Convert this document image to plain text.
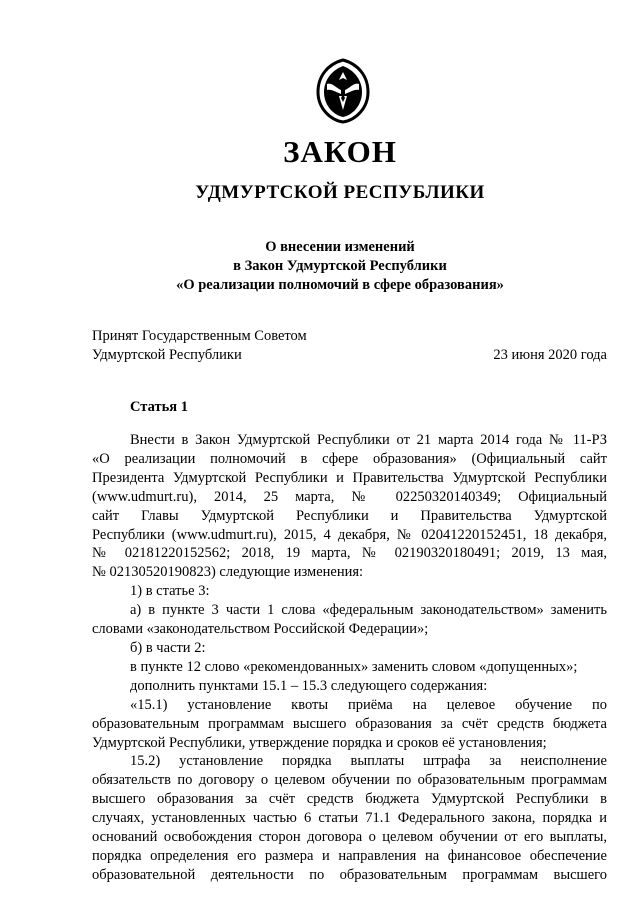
ЗАКОН
УДМУРТСКОЙ РЕСПУБЛИКИ
О внесении изменений
в Закон Удмуртской Республики
«О реализации полномочий в сфере образования»
Принят Государственным Советом
Удмуртской Республики	23 июня 2020 года
Статья 1

Внести в Закон Удмуртской Республики от 21 марта 2014 года № 11-РЗ

«О реализации полномочий в сфере образования» (Официальный сайт

Президента Удмуртской Республики и Правительства Удмуртской Республики

(www.udmurt.ru), 2014, 25 марта, № 02250320140349; Официальный

сайт Главы Удмуртской Республики и Правительства Удмуртской

Республики (www.udmurt.ru), 2015, 4 декабря, № 02041220152451, 18 декабря,

№ 02181220152562; 2018, 19 марта, № 02190320180491; 2019, 13 мая,

№ 02130520190823) следующие изменения:

1) в статье 3:

а) в пункте 3 части 1 слова «федеральным законодательством» заменить

словами «законодательством Российской Федерации»;

б) в части 2:

в пункте 12 слово «рекомендованных» заменить словом «допущенных»;

дополнить пунктами 15.1 – 15.3 следующего содержания:

«15.1) установление квоты приёма на целевое обучение по

образовательным программам высшего образования за счёт средств бюджета

Удмуртской Республики, утверждение порядка и сроков её установления;

15.2) установление порядка выплаты штрафа за неисполнение

обязательств по договору о целевом обучении по образовательным программам

высшего образования за счёт средств бюджета Удмуртской Республики в

случаях, установленных частью 6 статьи 71.1 Федерального закона, порядка и

оснований освобождения сторон договора о целевом обучении от его выплаты,

порядка определения его размера и направления на финансовое обеспечение

образовательной деятельности по образовательным программам высшего
